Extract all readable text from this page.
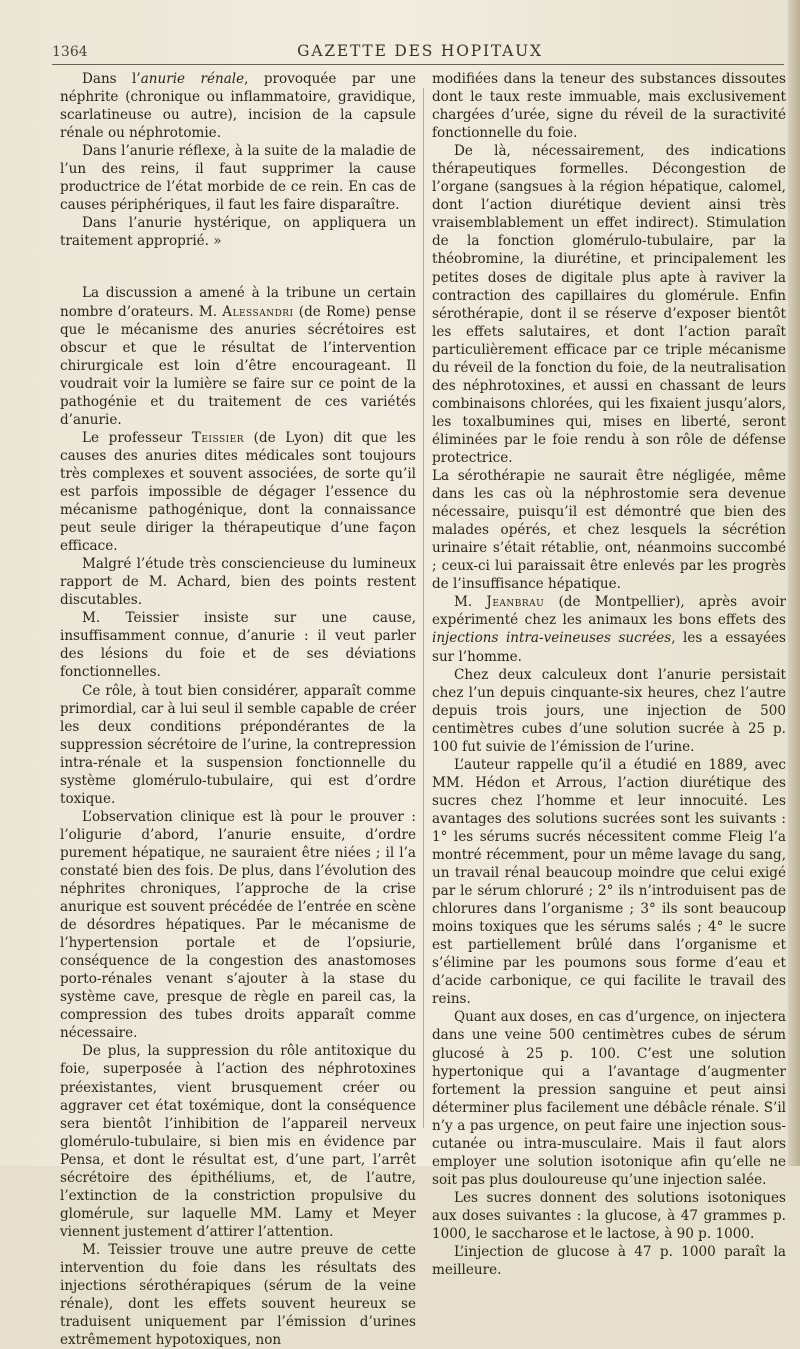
1364	GAZETTE DES HOPITAUX

Dans l’anurie rénale, provoquée par une néphrite (chronique ou inflammatoire, gravidique, scarlatineuse ou autre), incision de la capsule rénale ou néphrotomie.

Dans l’anurie réflexe, à la suite de la maladie de l’un des reins, il faut supprimer la cause productrice de l’état morbide de ce rein. En cas de causes périphériques, il faut les faire disparaître.

Dans l’anurie hystérique, on appliquera un traitement approprié. »

La discussion a amené à la tribune un certain nombre d’orateurs. M. Alessandri (de Rome) pense que le mécanisme des anuries sécrétoires est obscur et que le résultat de l’intervention chirurgicale est loin d’être encourageant. Il voudrait voir la lumière se faire sur ce point de la pathogénie et du traitement de ces variétés d’anurie.

Le professeur Teissier (de Lyon) dit que les causes des anuries dites médicales sont toujours très complexes et souvent associées, de sorte qu’il est parfois impossible de dégager l’essence du mécanisme pathogénique, dont la connaissance peut seule diriger la thérapeutique d’une façon efficace.

Malgré l’étude très consciencieuse du lumineux rapport de M. Achard, bien des points restent discutables.

M. Teissier insiste sur une cause, insuffisamment connue, d’anurie : il veut parler des lésions du foie et de ses déviations fonctionnelles.

Ce rôle, à tout bien considérer, apparaît comme primordial, car à lui seul il semble capable de créer les deux conditions prépondérantes de la suppression sécrétoire de l’urine, la contrepression intra-rénale et la suspension fonctionnelle du système glomérulo-tubulaire, qui est d’ordre toxique.

L’observation clinique est là pour le prouver : l’oligurie d’abord, l’anurie ensuite, d’ordre purement hépatique, ne sauraient être niées ; il l’a constaté bien des fois. De plus, dans l’évolution des néphrites chroniques, l’approche de la crise anurique est souvent précédée de l’entrée en scène de désordres hépatiques. Par le mécanisme de l’hypertension portale et de l’opsiurie, conséquence de la congestion des anastomoses porto-rénales venant s’ajouter à la stase du système cave, presque de règle en pareil cas, la compression des tubes droits apparaît comme nécessaire.

De plus, la suppression du rôle antitoxique du foie, superposée à l’action des néphrotoxines préexistantes, vient brusquement créer ou aggraver cet état toxémique, dont la conséquence sera bientôt l’inhibition de l’appareil nerveux glomérulo-tubulaire, si bien mis en évidence par Pensa, et dont le résultat est, d’une part, l’arrêt sécrétoire des épithéliums, et, de l’autre, l’extinction de la constriction propulsive du glomérule, sur laquelle MM. Lamy et Meyer viennent justement d’attirer l’attention.

M. Teissier trouve une autre preuve de cette intervention du foie dans les résultats des injections sérothérapiques (sérum de la veine rénale), dont les effets souvent heureux se traduisent uniquement par l’émission d’urines extrêmement hypotoxiques, non

modifiées dans la teneur des substances dissoutes dont le taux reste immuable, mais exclusivement chargées d’urée, signe du réveil de la suractivité fonctionnelle du foie.

De là, nécessairement, des indications thérapeutiques formelles. Décongestion de l’organe (sangsues à la région hépatique, calomel, dont l’action diurétique devient ainsi très vraisemblablement un effet indirect). Stimulation de la fonction glomérulo-tubulaire, par la théobromine, la diurétine, et principalement les petites doses de digitale plus apte à raviver la contraction des capillaires du glomérule. Enfin sérothérapie, dont il se réserve d’exposer bientôt les effets salutaires, et dont l’action paraît particulièrement efficace par ce triple mécanisme du réveil de la fonction du foie, de la neutralisation des néphrotoxines, et aussi en chassant de leurs combinaisons chlorées, qui les fixaient jusqu’alors, les toxalbumines qui, mises en liberté, seront éliminées par le foie rendu à son rôle de défense protectrice.

La sérothérapie ne saurait être négligée, même dans les cas où la néphrostomie sera devenue nécessaire, puisqu’il est démontré que bien des malades opérés, et chez lesquels la sécrétion urinaire s’était rétablie, ont, néanmoins succombé ; ceux-ci lui paraissait être enlevés par les progrès de l’insuffisance hépatique.

M. Jeanbrau (de Montpellier), après avoir expérimenté chez les animaux les bons effets des injections intra-veineuses sucrées, les a essayées sur l’homme.

Chez deux calculeux dont l’anurie persistait chez l’un depuis cinquante-six heures, chez l’autre depuis trois jours, une injection de 500 centimètres cubes d’une solution sucrée à 25 p. 100 fut suivie de l’émission de l’urine.

L’auteur rappelle qu’il a étudié en 1889, avec MM. Hédon et Arrous, l’action diurétique des sucres chez l’homme et leur innocuité. Les avantages des solutions sucrées sont les suivants : 1° les sérums sucrés nécessitent comme Fleig l’a montré récemment, pour un même lavage du sang, un travail rénal beaucoup moindre que celui exigé par le sérum chloruré ; 2° ils n’introduisent pas de chlorures dans l’organisme ; 3° ils sont beaucoup moins toxiques que les sérums salés ; 4° le sucre est partiellement brûlé dans l’organisme et s’élimine par les poumons sous forme d’eau et d’acide carbonique, ce qui facilite le travail des reins.

Quant aux doses, en cas d’urgence, on injectera dans une veine 500 centimètres cubes de sérum glucosé à 25 p. 100. C’est une solution hypertonique qui a l’avantage d’augmenter fortement la pression sanguine et peut ainsi déterminer plus facilement une débâcle rénale. S’il n’y a pas urgence, on peut faire une injection sous-cutanée ou intra-musculaire. Mais il faut alors employer une solution isotonique afin qu’elle ne soit pas plus douloureuse qu’une injection salée.

Les sucres donnent des solutions isotoniques aux doses suivantes : la glucose, à 47 grammes p. 1000, le saccharose et le lactose, à 90 p. 1000.

L’injection de glucose à 47 p. 1000 paraît la meilleure.
